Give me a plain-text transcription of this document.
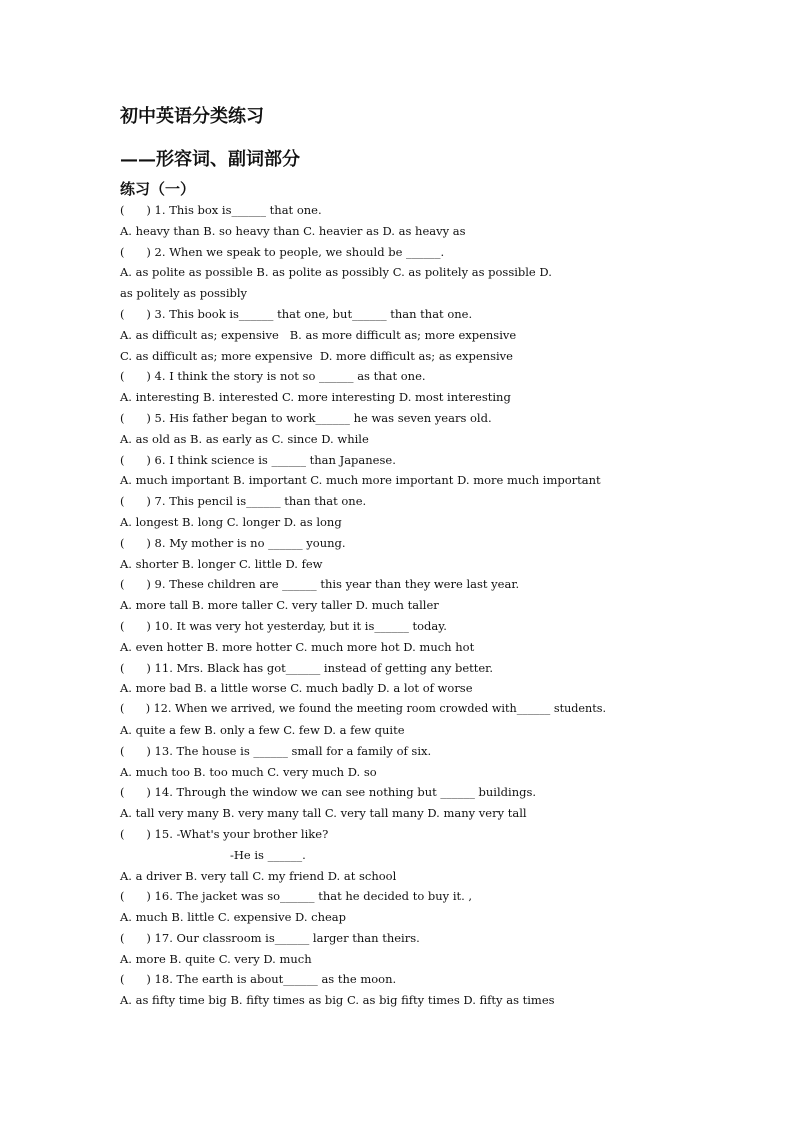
初中英语分类练习
——形容词、副词部分
练习（一）
(      ) 1. This box is______ that one.
A. heavy than B. so heavy than C. heavier as D. as heavy as
(      ) 2. When we speak to people, we should be ______.
A. as polite as possible B. as polite as possibly C. as politely as possible D.
as politely as possibly
(      ) 3. This book is______ that one, but______ than that one.
A. as difficult as; expensive   B. as more difficult as; more expensive
C. as difficult as; more expensive  D. more difficult as; as expensive
(      ) 4. I think the story is not so ______ as that one.
A. interesting B. interested C. more interesting D. most interesting
(      ) 5. His father began to work______ he was seven years old.
A. as old as B. as early as C. since D. while
(      ) 6. I think science is ______ than Japanese.
A. much important B. important C. much more important D. more much important
(      ) 7. This pencil is______ than that one.
A. longest B. long C. longer D. as long
(      ) 8. My mother is no ______ young.
A. shorter B. longer C. little D. few
(      ) 9. These children are ______ this year than they were last year.
A. more tall B. more taller C. very taller D. much taller
(      ) 10. It was very hot yesterday, but it is______ today.
A. even hotter B. more hotter C. much more hot D. much hot
(      ) 11. Mrs. Black has got______ instead of getting any better.
A. more bad B. a little worse C. much badly D. a lot of worse
(      ) 12. When we arrived, we found the meeting room crowded with______ students.
A. quite a few B. only a few C. few D. a few quite
(      ) 13. The house is ______ small for a family of six.
A. much too B. too much C. very much D. so
(      ) 14. Through the window we can see nothing but ______ buildings.
A. tall very many B. very many tall C. very tall many D. many very tall
(      ) 15. -What's your brother like?
-He is ______.
A. a driver B. very tall C. my friend D. at school
(      ) 16. The jacket was so______ that he decided to buy it. ,
A. much B. little C. expensive D. cheap
(      ) 17. Our classroom is______ larger than theirs.
A. more B. quite C. very D. much
(      ) 18. The earth is about______ as the moon.
A. as fifty time big B. fifty times as big C. as big fifty times D. fifty as times
